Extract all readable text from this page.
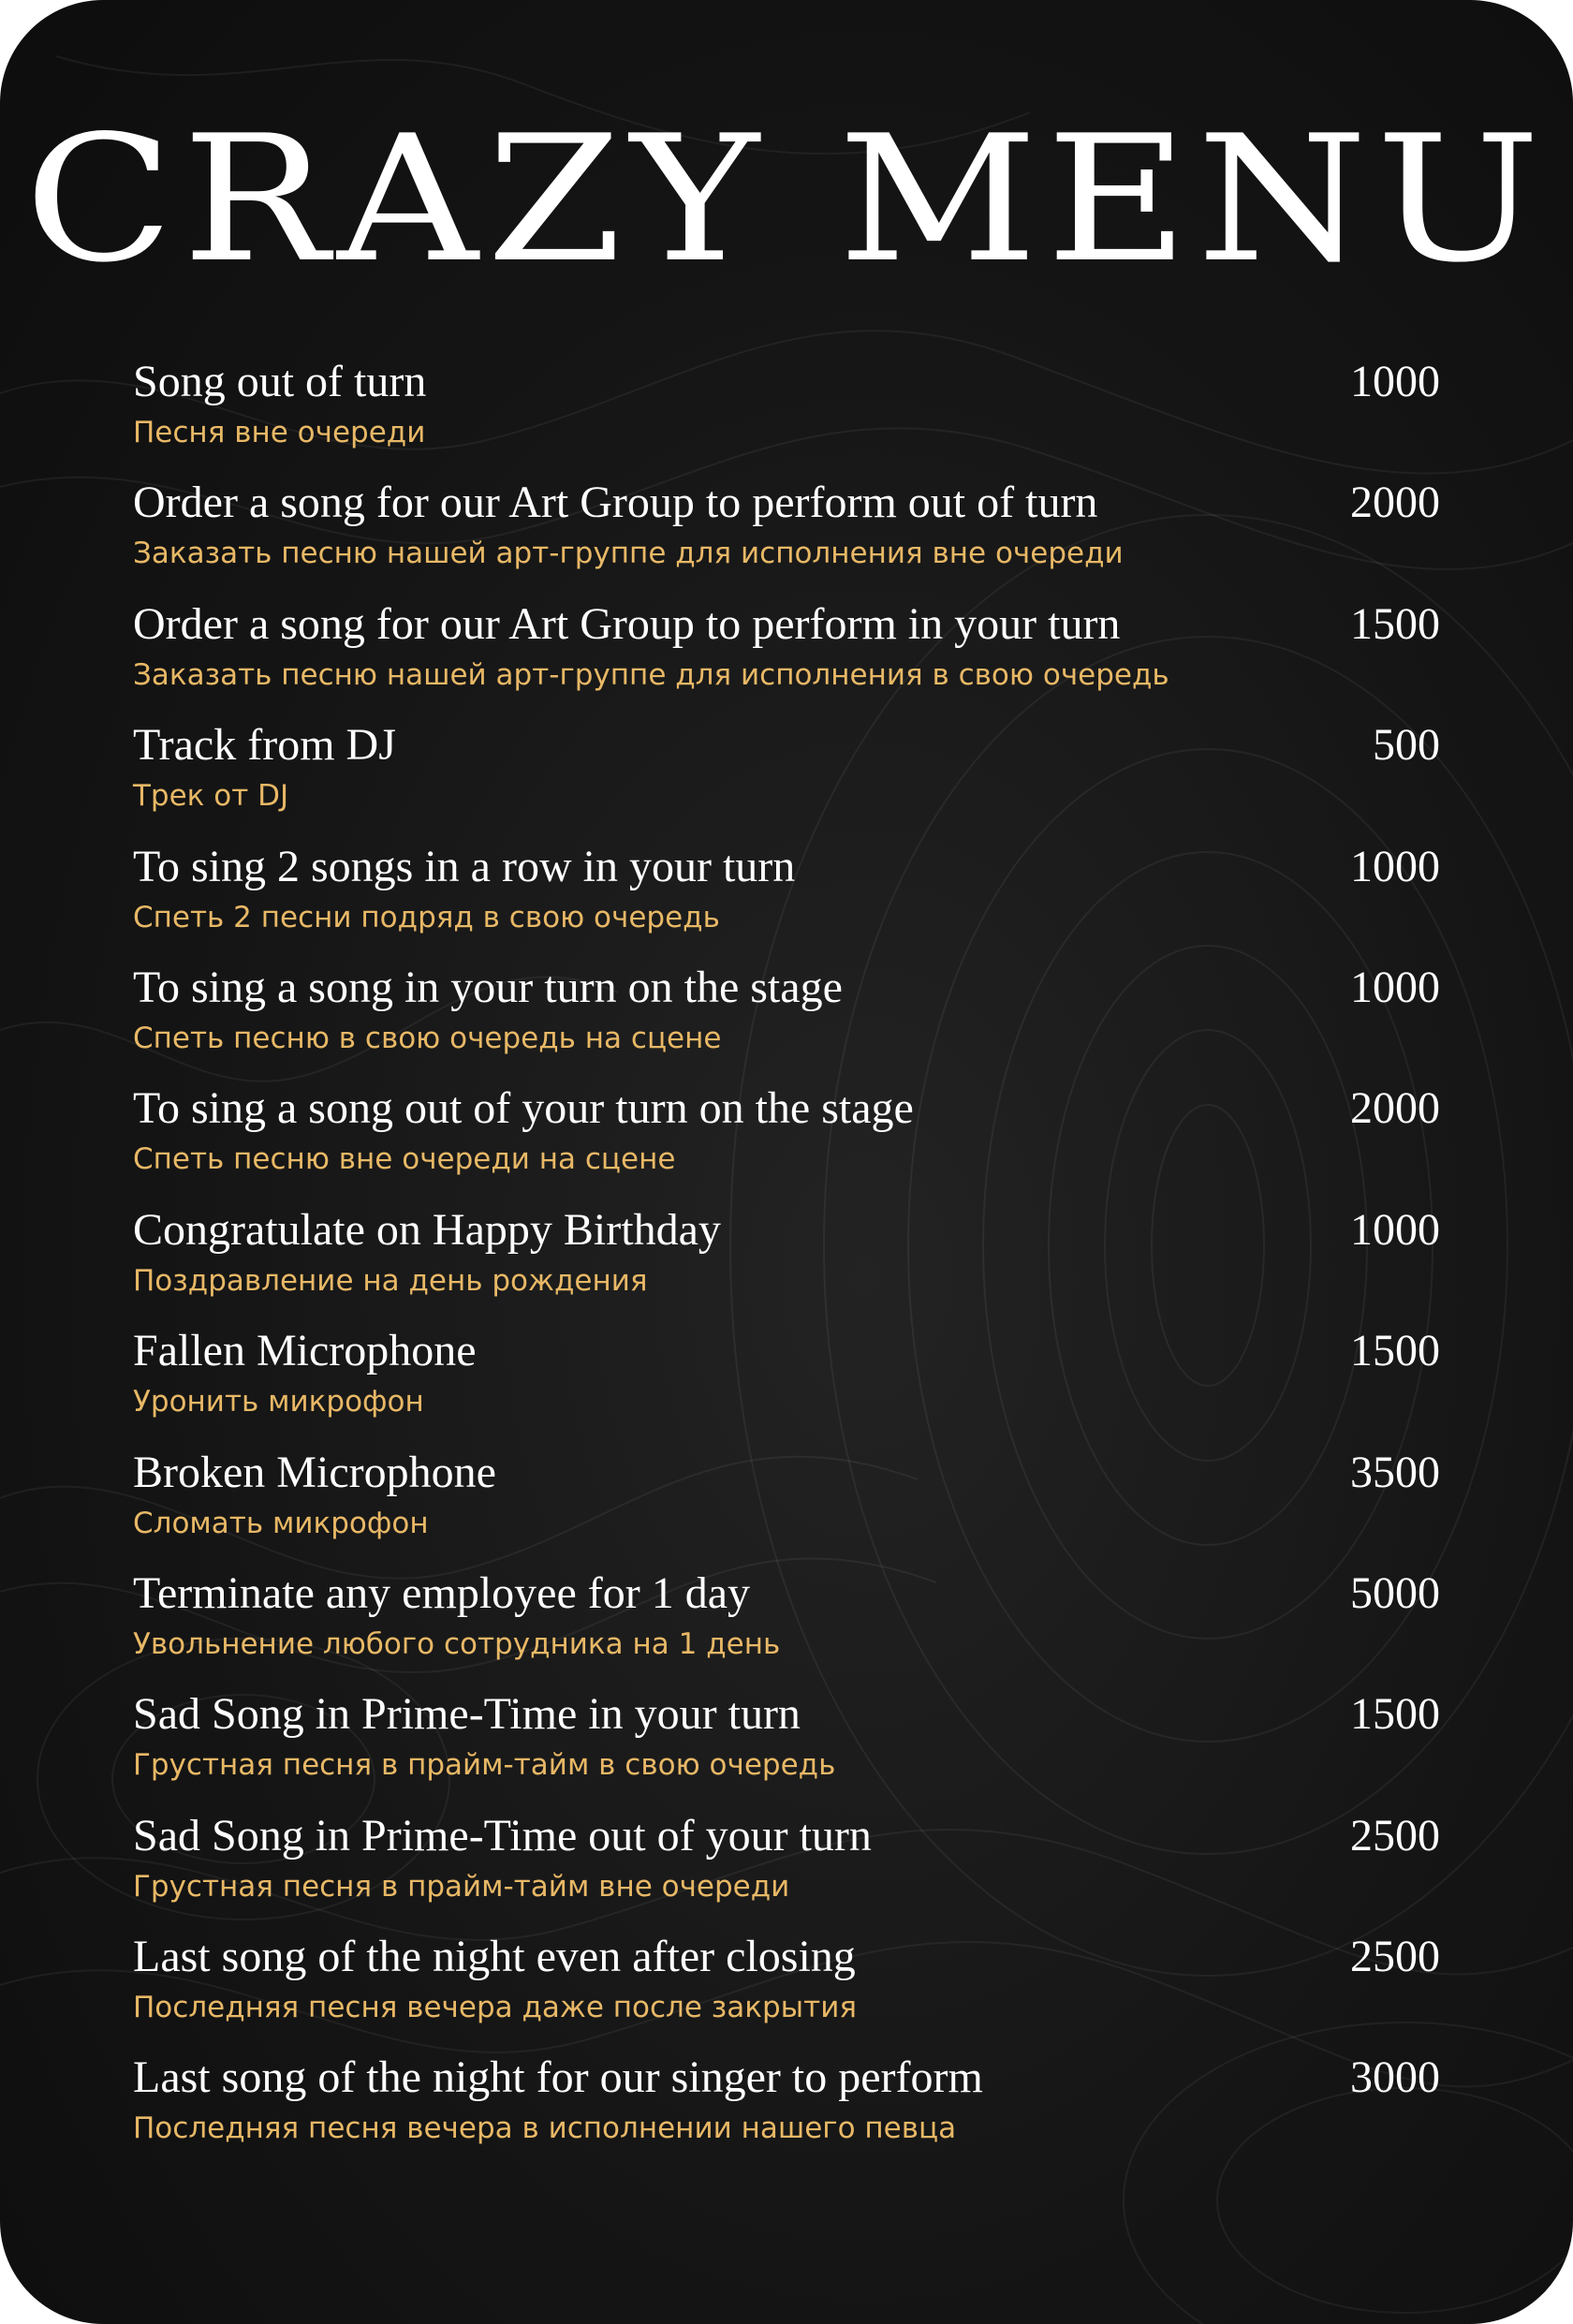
CRAZY MENU
Song out of turn
Песня вне очереди
1000
Order a song for our Art Group to perform out of turn
Заказать песню нашей арт-группе для исполнения вне очереди
2000
Order a song for our Art Group to perform in your turn
Заказать песню нашей арт-группе для исполнения в свою очередь
1500
Track from DJ
Трек от DJ
500
To sing 2 songs in a row in your turn
Спеть 2 песни подряд в свою очередь
1000
To sing a song in your turn on the stage
Спеть песню в свою очередь на сцене
1000
To sing a song out of your turn on the stage
Спеть песню вне очереди на сцене
2000
Congratulate on Happy Birthday
Поздравление на день рождения
1000
Fallen Microphone
Уронить микрофон
1500
Broken Microphone
Сломать микрофон
3500
Terminate any employee for 1 day
Увольнение любого сотрудника на 1 день
5000
Sad Song in Prime-Time in your turn
Грустная песня в прайм-тайм в свою очередь
1500
Sad Song in Prime-Time out of your turn
Грустная песня в прайм-тайм вне очереди
2500
Last song of the night even after closing
Последняя песня вечера даже после закрытия
2500
Last song of the night for our singer to perform
Последняя песня вечера в исполнении нашего певца
3000
